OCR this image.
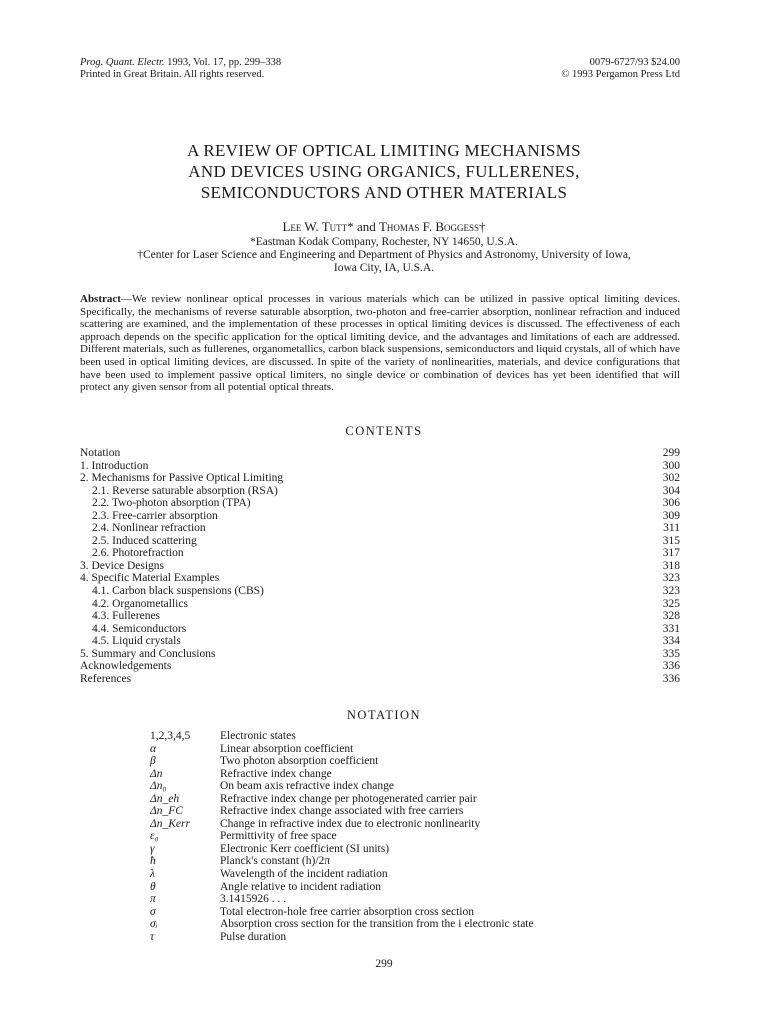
Prog. Quant. Electr. 1993, Vol. 17, pp. 299–338
Printed in Great Britain. All rights reserved.
0079-6727/93 $24.00
© 1993 Pergamon Press Ltd
A REVIEW OF OPTICAL LIMITING MECHANISMS
AND DEVICES USING ORGANICS, FULLERENES,
SEMICONDUCTORS AND OTHER MATERIALS
Lee W. Tutt* and Thomas F. Boggess†
*Eastman Kodak Company, Rochester, NY 14650, U.S.A.
†Center for Laser Science and Engineering and Department of Physics and Astronomy, University of Iowa,
Iowa City, IA, U.S.A.
Abstract—We review nonlinear optical processes in various materials which can be utilized in passive optical limiting devices. Specifically, the mechanisms of reverse saturable absorption, two-photon and free-carrier absorption, nonlinear refraction and induced scattering are examined, and the implementation of these processes in optical limiting devices is discussed. The effectiveness of each approach depends on the specific application for the optical limiting device, and the advantages and limitations of each are addressed. Different materials, such as fullerenes, organometallics, carbon black suspensions, semiconductors and liquid crystals, all of which have been used in optical limiting devices, are discussed. In spite of the variety of nonlinearities, materials, and device configurations that have been used to implement passive optical limiters, no single device or combination of devices has yet been identified that will protect any given sensor from all potential optical threats.
CONTENTS
Notation	299
1. Introduction	300
2. Mechanisms for Passive Optical Limiting	302
2.1. Reverse saturable absorption (RSA)	304
2.2. Two-photon absorption (TPA)	306
2.3. Free-carrier absorption	309
2.4. Nonlinear refraction	311
2.5. Induced scattering	315
2.6. Photorefraction	317
3. Device Designs	318
4. Specific Material Examples	323
4.1. Carbon black suspensions (CBS)	323
4.2. Organometallics	325
4.3. Fullerenes	328
4.4. Semiconductors	331
4.5. Liquid crystals	334
5. Summary and Conclusions	335
Acknowledgements	336
References	336
NOTATION
1,2,3,4,5	Electronic states
α	Linear absorption coefficient
β	Two photon absorption coefficient
Δn	Refractive index change
Δn₀	On beam axis refractive index change
Δn_eh	Refractive index change per photogenerated carrier pair
Δn_FC	Refractive index change associated with free carriers
Δn_Kerr	Change in refractive index due to electronic nonlinearity
ε₀	Permittivity of free space
γ	Electronic Kerr coefficient (SI units)
ħ	Planck's constant (h)/2π
λ	Wavelength of the incident radiation
θ	Angle relative to incident radiation
π	3.1415926 . . .
σ	Total electron-hole free carrier absorption cross section
σᵢ	Absorption cross section for the transition from the i electronic state
τ	Pulse duration
299
